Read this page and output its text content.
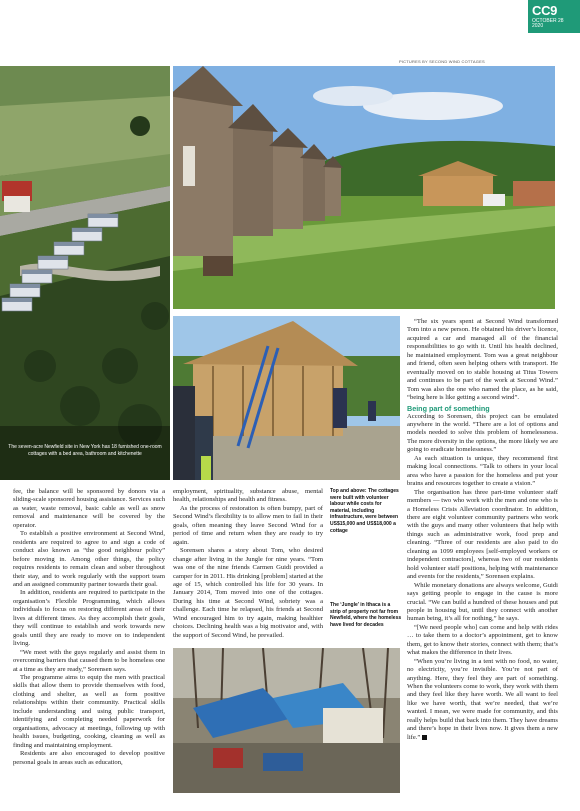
CC9
OCTOBER 28
2020
PICTURES BY SECOND WIND COTTAGES
The seven-acre Newfield site in New York has 18 furnished one-room cottages with a bed area, bathroom and kitchenette
Top and above: The cottages were built with volunteer labour while costs for material, including infrastructure, were between US$15,000 and US$18,000 a cottage
The ‘Jungle’ in Ithaca is a strip of property not far from Newfield, where the homeless have lived for decades

fee, the balance will be sponsored by donors via a sliding-scale sponsored housing assistance. Services such as water, waste removal, basic cable as well as snow removal and maintenance will be covered by the operator.

To establish a positive environment at Second Wind, residents are required to agree to and sign a code of conduct also known as “the good neighbour policy” before moving in. Among other things, the policy requires residents to remain clean and sober throughout their stay, and to work regularly with the support team and an assigned community partner towards their goal.

In addition, residents are required to participate in the organisation’s Flexible Programming, which allows individuals to focus on restoring different areas of their lives at different times. As they accomplish their goals, they will continue to establish and work towards new goals until they are ready to move on to independent living.

“We meet with the guys regularly and assist them in overcoming barriers that caused them to be homeless one at a time as they are ready,” Sorensen says.

The programme aims to equip the men with practical skills that allow them to provide themselves with food, clothing and shelter, as well as form positive relationships within their community. Practical skills include understanding and using public transport, identifying and completing needed paperwork for organisations, advocacy at meetings, following up with health issues, budgeting, cooking, cleaning as well as finding and maintaining employment.

Residents are also encouraged to develop positive personal goals in areas such as education,

employment, spirituality, substance abuse, mental health, relationships and health and fitness.

As the process of restoration is often bumpy, part of Second Wind’s flexibility is to allow men to fail in their goals, often meaning they leave Second Wind for a period of time and return when they are ready to try again.

Sorensen shares a story about Tom, who desired change after living in the Jungle for nine years. “Tom was one of the nine friends Carmen Guidi provided a camper for in 2011. His drinking [problem] started at the age of 15, which controlled his life for 30 years. In January 2014, Tom moved into one of the cottages. During his time at Second Wind, sobriety was a challenge. Each time he relapsed, his friends at Second Wind encouraged him to try again, making healthier choices. Declining health was a big motivator and, with the support of Second Wind, he prevailed.

“The six years spent at Second Wind transformed Tom into a new person. He obtained his driver’s licence, acquired a car and managed all of the financial responsibilities to go with it. Until his health declined, he maintained employment. Tom was a great neighbour and friend, often seen helping others with transport. He eventually moved on to stable housing at Titus Towers and continues to be part of the work at Second Wind.” Tom was also the one who named the place, as he said, “being here is like getting a second wind”.

Being part of something

According to Sorensen, this project can be emulated anywhere in the world. “There are a lot of options and models needed to solve this problem of homelessness. The more diversity in the options, the more likely we are going to eradicate homelessness.”

As each situation is unique, they recommend first making local connections. “Talk to others in your local area who have a passion for the homeless and put your brains and resources together to create a vision.”

The organisation has three part-time volunteer staff members — two who work with the men and one who is a Homeless Crisis Alleviation coordinator. In addition, there are eight volunteer community partners who work with the guys and many other volunteers that help with things such as administrative work, food prep and cleaning. “Three of our residents are also paid to do cleaning as 1099 employees [self-employed workers or independent contractors], whereas two of our residents hold volunteer staff positions, helping with maintenance and events for the residents,” Sorensen explains.

While monetary donations are always welcome, Guidi says getting people to engage in the cause is more crucial. “We can build a hundred of these houses and put people in housing but, until they connect with another human being, it’s all for nothing,” he says.

“[We need people who] can come and help with rides … to take them to a doctor’s appointment, get to know them, get to know their stories, connect with them; that’s what makes the difference in their lives.

“When you’re living in a tent with no food, no water, no electricity, you’re invisible. You’re not part of anything. Here, they feel they are part of something. When the volunteers come to work, they work with them and they feel like they have worth. We all want to feel like we have worth, that we’re needed, that we’re wanted. I mean, we were made for community, and this really helps build that back into them. They have dreams and there’s hope in their lives now. It gives them a new life.”
